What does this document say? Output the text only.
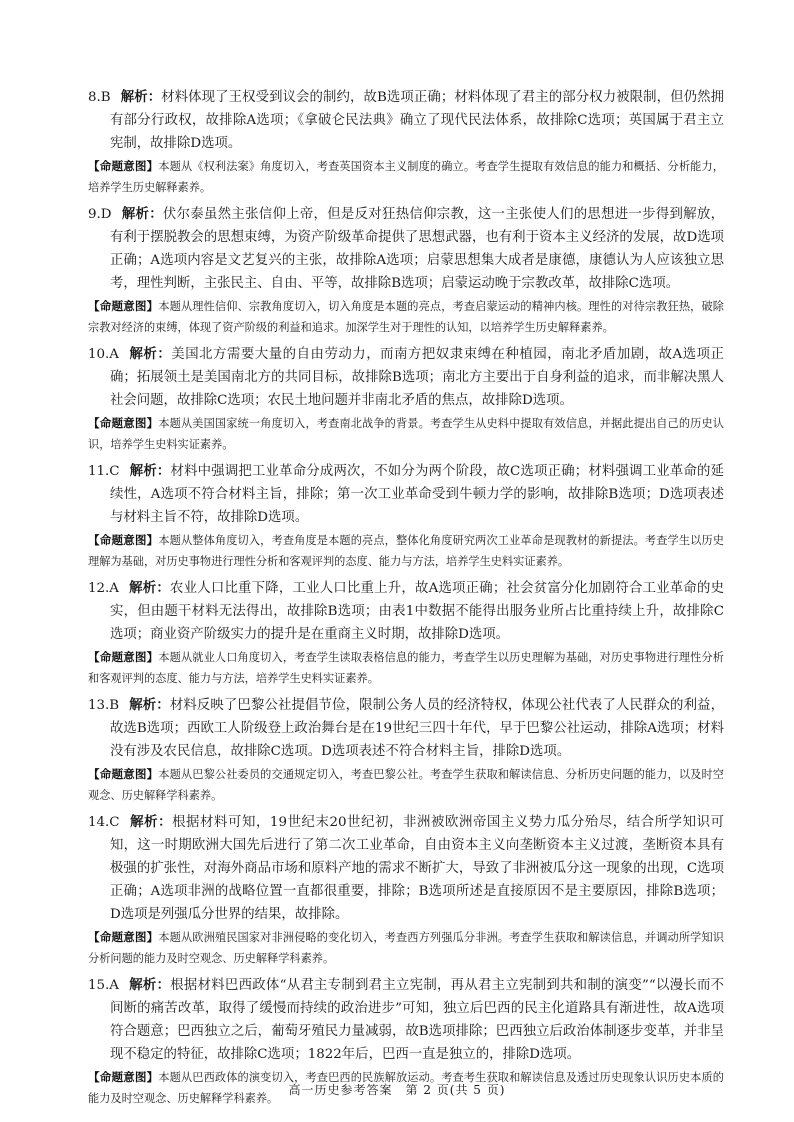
8.B 解析：材料体现了王权受到议会的制约，故B选项正确；材料体现了君主的部分权力被限制，但仍然拥有部分行政权，故排除A选项；《拿破仑民法典》确立了现代民法体系，故排除C选项；英国属于君主立宪制，故排除D选项。

【命题意图】本题从《权利法案》角度切入，考查英国资本主义制度的确立。考查学生提取有效信息的能力和概括、分析能力，培养学生历史解释素养。

9.D 解析：伏尔泰虽然主张信仰上帝，但是反对狂热信仰宗教，这一主张使人们的思想进一步得到解放，有利于摆脱教会的思想束缚，为资产阶级革命提供了思想武器，也有利于资本主义经济的发展，故D选项正确；A选项内容是文艺复兴的主张，故排除A选项；启蒙思想集大成者是康德，康德认为人应该独立思考，理性判断，主张民主、自由、平等，故排除B选项；启蒙运动晚于宗教改革，故排除C选项。

【命题意图】本题从理性信仰、宗教角度切入，切入角度是本题的亮点，考查启蒙运动的精神内核。理性的对待宗教狂热，破除宗教对经济的束缚，体现了资产阶级的利益和追求。加深学生对于理性的认知，以培养学生历史解释素养。

10.A 解析：美国北方需要大量的自由劳动力，而南方把奴隶束缚在种植园，南北矛盾加剧，故A选项正确；拓展领土是美国南北方的共同目标，故排除B选项；南北方主要出于自身利益的追求，而非解决黑人社会问题，故排除C选项；农民土地问题并非南北矛盾的焦点，故排除D选项。

【命题意图】本题从美国国家统一角度切入，考查南北战争的背景。考查学生从史料中提取有效信息，并据此提出自己的历史认识，培养学生史料实证素养。

11.C 解析：材料中强调把工业革命分成两次，不如分为两个阶段，故C选项正确；材料强调工业革命的延续性，A选项不符合材料主旨，排除；第一次工业革命受到牛顿力学的影响，故排除B选项；D选项表述与材料主旨不符，故排除D选项。

【命题意图】本题从整体角度切入，考查角度是本题的亮点，整体化角度研究两次工业革命是现教材的新提法。考查学生以历史理解为基础，对历史事物进行理性分析和客观评判的态度、能力与方法，培养学生史料实证素养。

12.A 解析：农业人口比重下降，工业人口比重上升，故A选项正确；社会贫富分化加剧符合工业革命的史实，但由题干材料无法得出，故排除B选项；由表1中数据不能得出服务业所占比重持续上升，故排除C选项；商业资产阶级实力的提升是在重商主义时期，故排除D选项。

【命题意图】本题从就业人口角度切入，考查学生读取表格信息的能力，考查学生以历史理解为基础，对历史事物进行理性分析和客观评判的态度、能力与方法，培养学生史料实证素养。

13.B 解析：材料反映了巴黎公社提倡节俭，限制公务人员的经济特权，体现公社代表了人民群众的利益，故选B选项；西欧工人阶级登上政治舞台是在19世纪三四十年代，早于巴黎公社运动，排除A选项；材料没有涉及农民信息，故排除C选项。D选项表述不符合材料主旨，排除D选项。

【命题意图】本题从巴黎公社委员的交通规定切入，考查巴黎公社。考查学生获取和解读信息、分析历史问题的能力，以及时空观念、历史解释学科素养。

14.C 解析：根据材料可知，19世纪末20世纪初，非洲被欧洲帝国主义势力瓜分殆尽，结合所学知识可知，这一时期欧洲大国先后进行了第二次工业革命，自由资本主义向垄断资本主义过渡，垄断资本具有极强的扩张性，对海外商品市场和原料产地的需求不断扩大，导致了非洲被瓜分这一现象的出现，C选项正确；A选项非洲的战略位置一直都很重要，排除；B选项所述是直接原因不是主要原因，排除B选项；D选项是列强瓜分世界的结果，故排除。

【命题意图】本题从欧洲殖民国家对非洲侵略的变化切入，考查西方列强瓜分非洲。考查学生获取和解读信息，并调动所学知识分析问题的能力及时空观念、历史解释学科素养。

15.A 解析：根据材料巴西政体“从君主专制到君主立宪制，再从君主立宪制到共和制的演变”“以漫长而不间断的痛苦改革，取得了缓慢而持续的政治进步”可知，独立后巴西的民主化道路具有渐进性，故A选项符合题意；巴西独立之后，葡萄牙殖民力量减弱，故B选项排除；巴西独立后政治体制逐步变革，并非呈现不稳定的特征，故排除C选项；1822年后，巴西一直是独立的，排除D选项。

【命题意图】本题从巴西政体的演变切入，考查巴西的民族解放运动。考查考生获取和解读信息及透过历史现象认识历史本质的能力及时空观念、历史解释学科素养。

高一历史参考答案　第 2 页(共 5 页)
